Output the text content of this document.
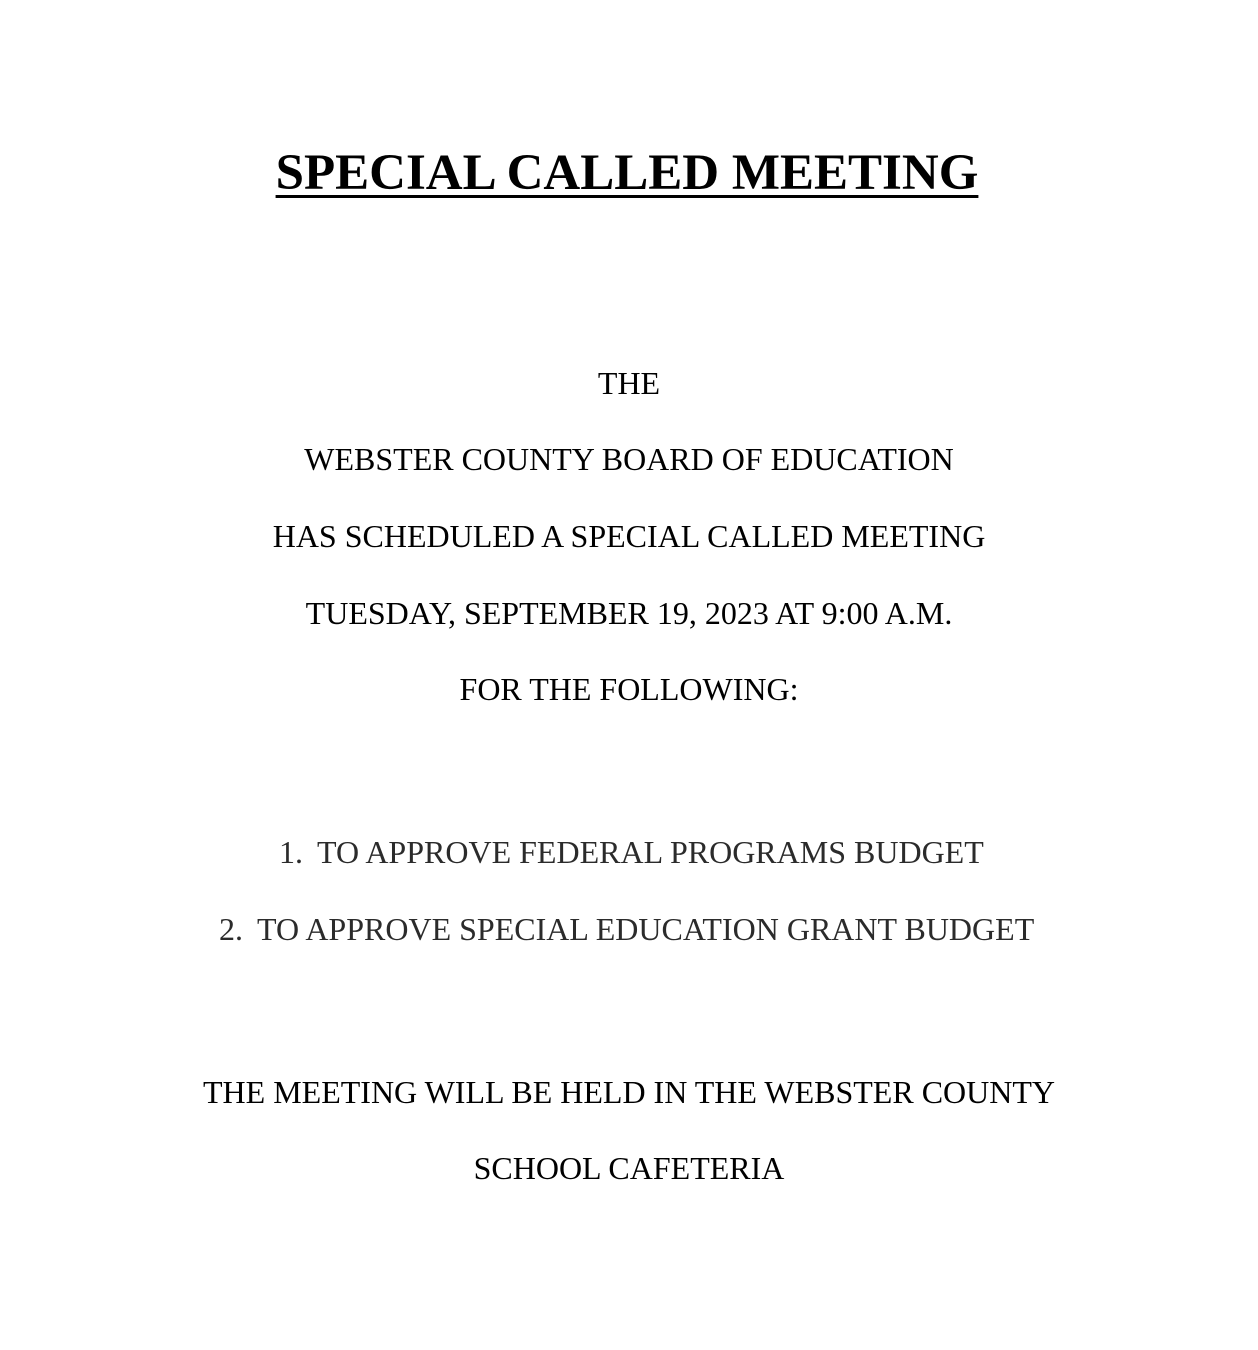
SPECIAL CALLED MEETING
THE
WEBSTER COUNTY BOARD OF EDUCATION
HAS SCHEDULED A SPECIAL CALLED MEETING
TUESDAY, SEPTEMBER 19, 2023 AT 9:00 A.M.
FOR THE FOLLOWING:
1. TO APPROVE FEDERAL PROGRAMS BUDGET
2. TO APPROVE SPECIAL EDUCATION GRANT BUDGET
THE MEETING WILL BE HELD IN THE WEBSTER COUNTY
SCHOOL CAFETERIA
